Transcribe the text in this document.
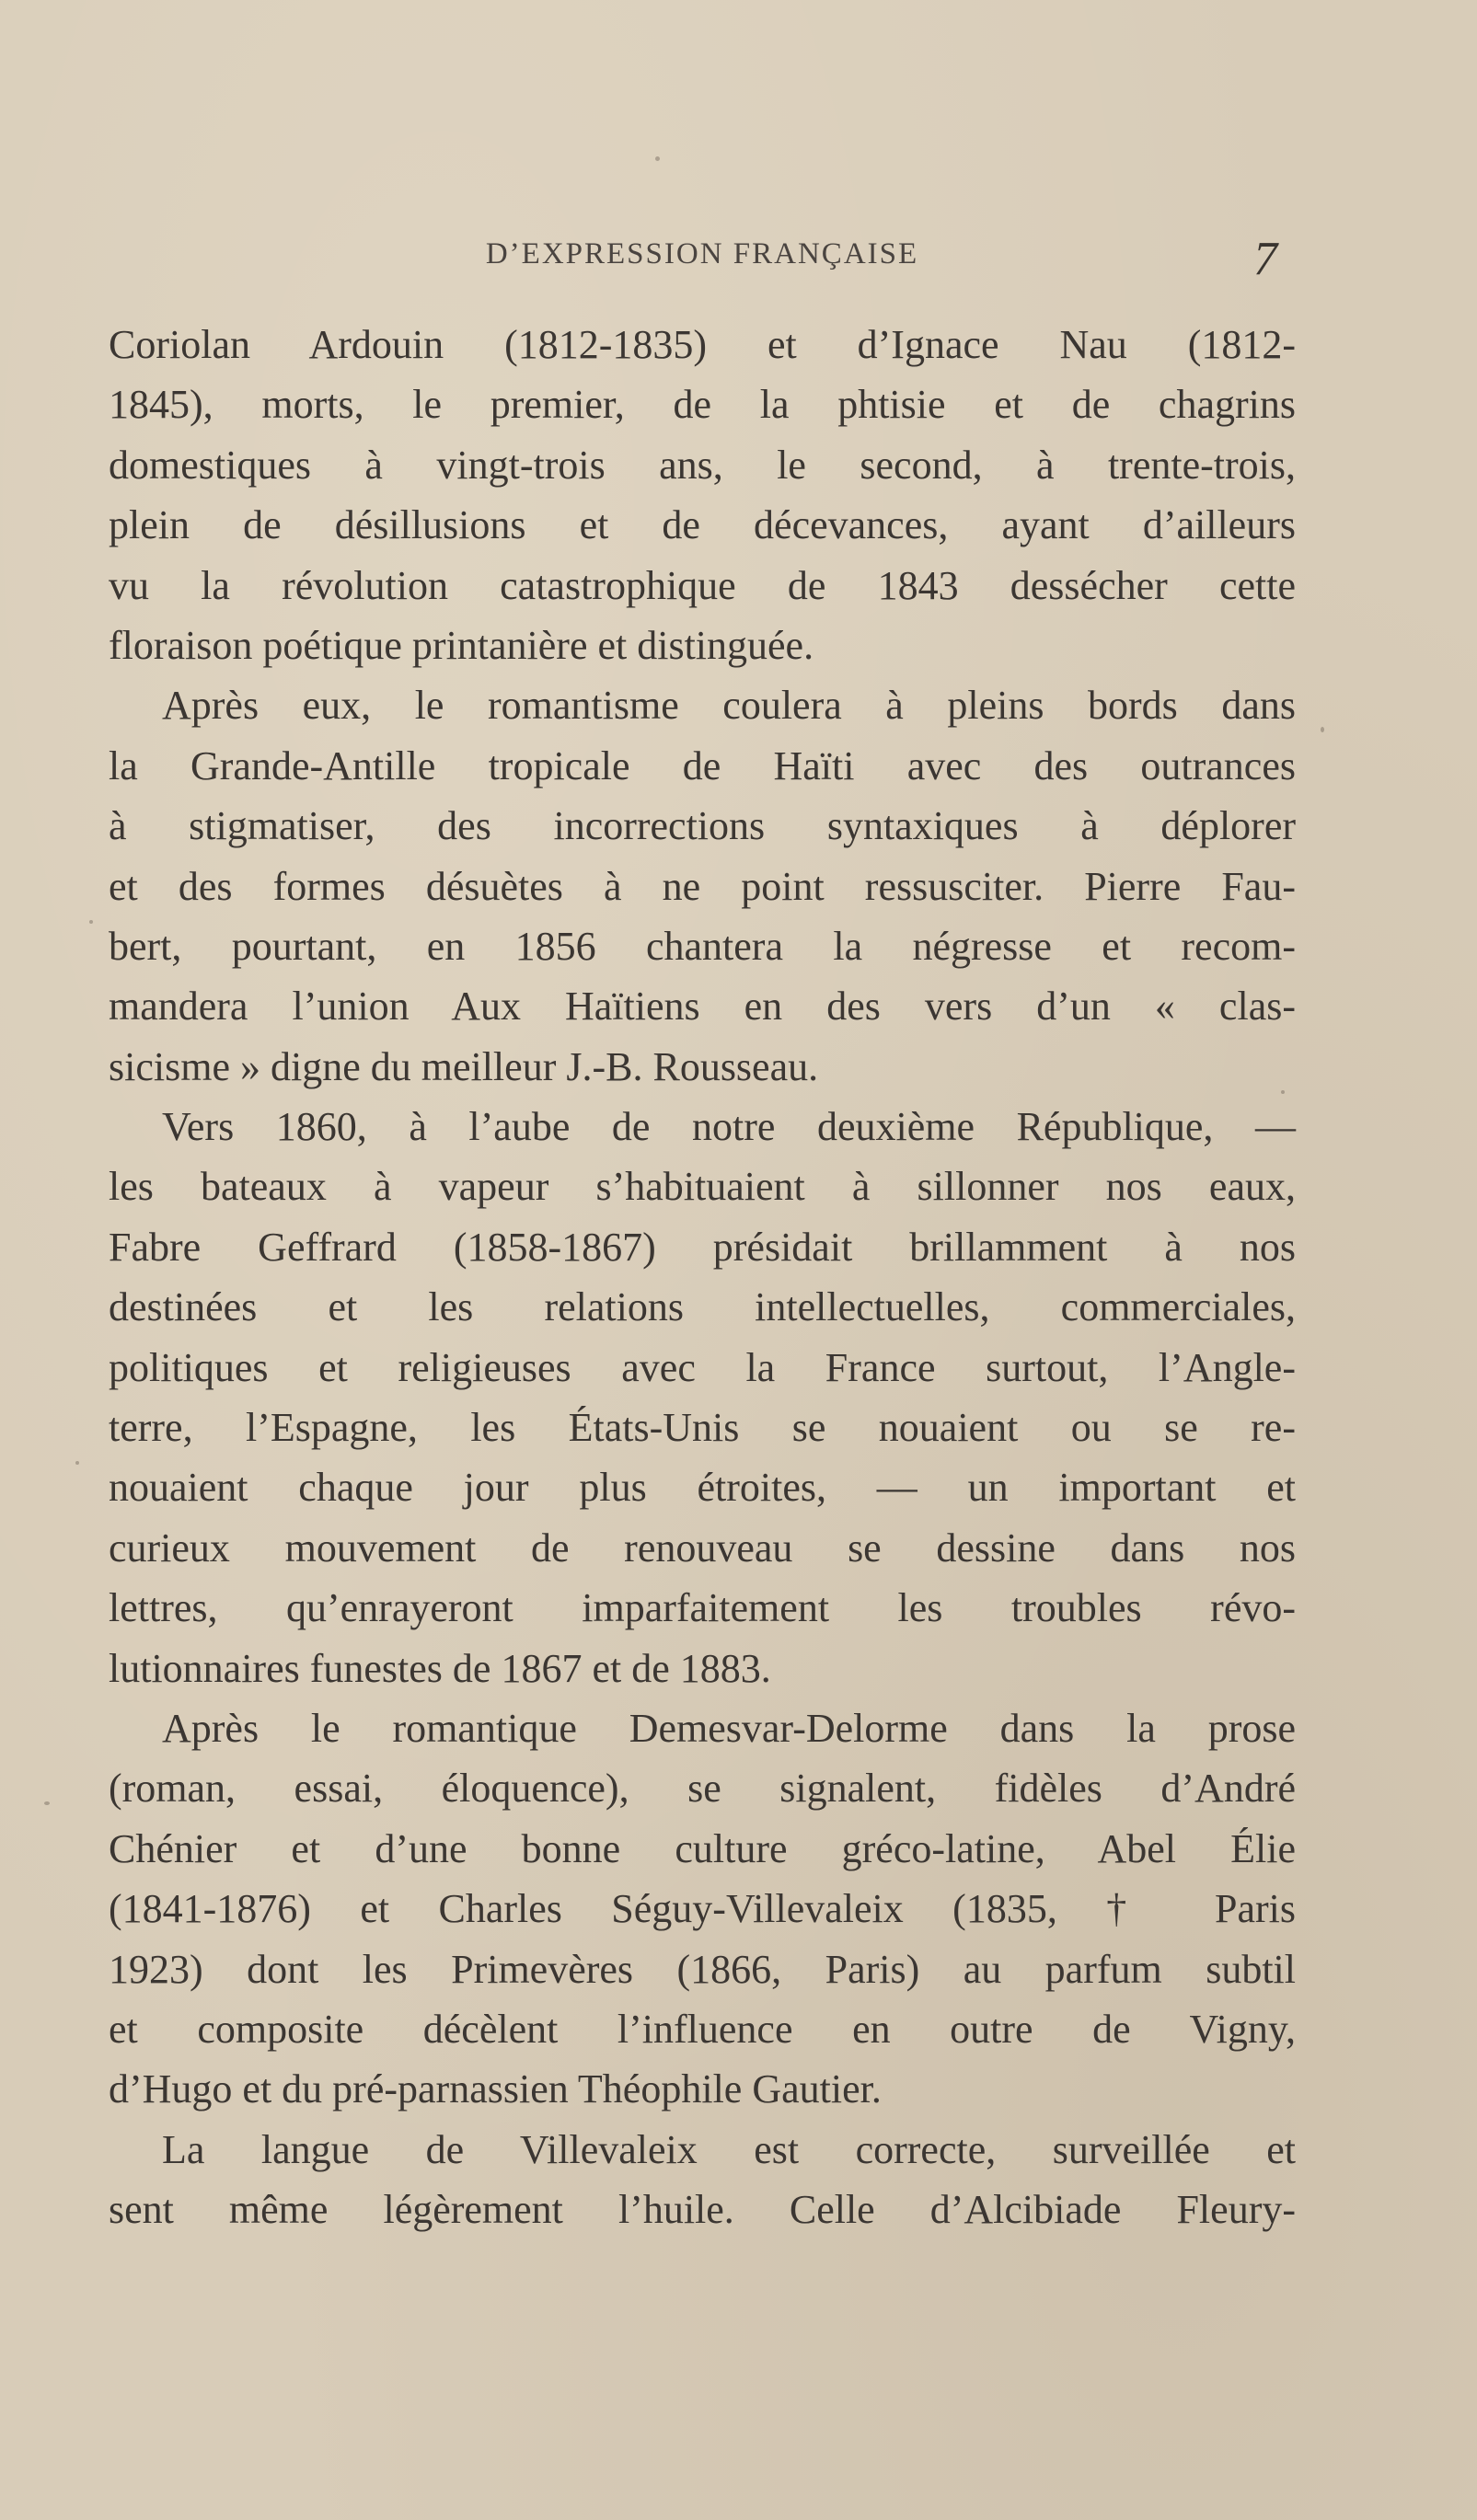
D’EXPRESSION FRANÇAISE	7
Coriolan Ardouin (1812-1835) et d’Ignace Nau (1812-
1845), morts, le premier, de la phtisie et de chagrins
domestiques à vingt-trois ans, le second, à trente-trois,
plein de désillusions et de décevances, ayant d’ailleurs
vu la révolution catastrophique de 1843 dessécher cette
floraison poétique printanière et distinguée.
Après eux, le romantisme coulera à pleins bords dans
la Grande-Antille tropicale de Haïti avec des outrances
à stigmatiser, des incorrections syntaxiques à déplorer
et des formes désuètes à ne point ressusciter. Pierre Fau-
bert, pourtant, en 1856 chantera la négresse et recom-
mandera l’union Aux Haïtiens en des vers d’un « clas-
sicisme » digne du meilleur J.-B. Rousseau.
Vers 1860, à l’aube de notre deuxième République, —
les bateaux à vapeur s’habituaient à sillonner nos eaux,
Fabre Geffrard (1858-1867) présidait brillamment à nos
destinées et les relations intellectuelles, commerciales,
politiques et religieuses avec la France surtout, l’Angle-
terre, l’Espagne, les États-Unis se nouaient ou se re-
nouaient chaque jour plus étroites, — un important et
curieux mouvement de renouveau se dessine dans nos
lettres, qu’enrayeront imparfaitement les troubles révo-
lutionnaires funestes de 1867 et de 1883.
Après le romantique Demesvar-Delorme dans la prose
(roman, essai, éloquence), se signalent, fidèles d’André
Chénier et d’une bonne culture gréco-latine, Abel Élie
(1841-1876) et Charles Séguy-Villevaleix (1835, † Paris
1923) dont les Primevères (1866, Paris) au parfum subtil
et composite décèlent l’influence en outre de Vigny,
d’Hugo et du pré-parnassien Théophile Gautier.
La langue de Villevaleix est correcte, surveillée et
sent même légèrement l’huile. Celle d’Alcibiade Fleury-
